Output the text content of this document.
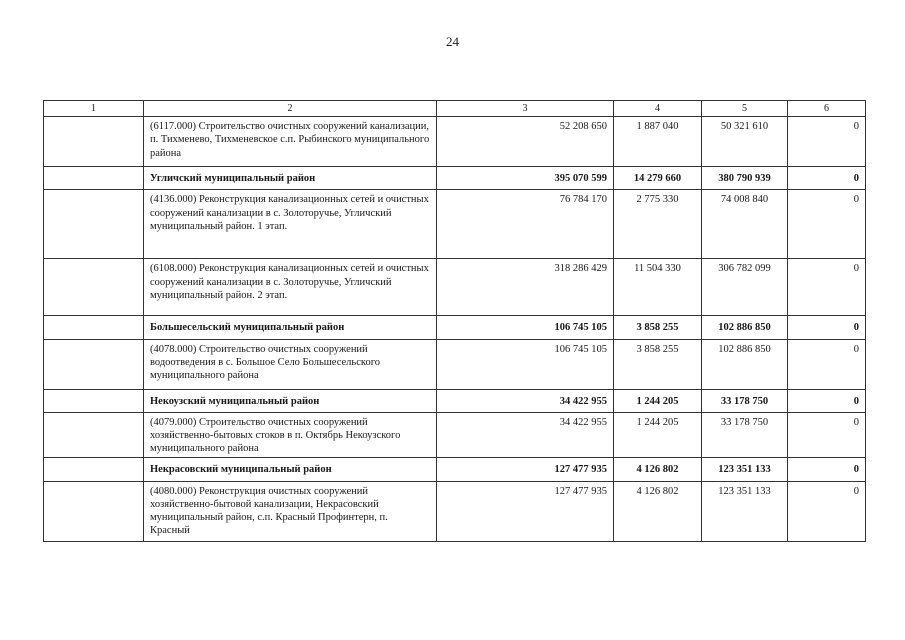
24
1	2	3	4	5	6
	(6117.000) Строительство очистных сооружений канализации, п. Тихменево, Тихменевское с.п. Рыбинского муниципального района	52 208 650	1 887 040	50 321 610	0
	Угличский муниципальный район	395 070 599	14 279 660	380 790 939	0
	(4136.000) Реконструкция канализационных сетей и очистных сооружений канализации в с. Золоторучье, Угличский муниципальный район. 1 этап.	76 784 170	2 775 330	74 008 840	0
	(6108.000) Реконструкция канализационных сетей и очистных сооружений канализации в с. Золоторучье, Угличский муниципальный район. 2 этап.	318 286 429	11 504 330	306 782 099	0
	Большесельский муниципальный район	106 745 105	3 858 255	102 886 850	0
	(4078.000) Строительство очистных сооружений водоотведения в с. Большое Село Большесельского муниципального района	106 745 105	3 858 255	102 886 850	0
	Некоузский муниципальный район	34 422 955	1 244 205	33 178 750	0
	(4079.000) Строительство очистных сооружений хозяйственно-бытовых стоков в п. Октябрь Некоузского муниципального района	34 422 955	1 244 205	33 178 750	0
	Некрасовский муниципальный район	127 477 935	4 126 802	123 351 133	0
	(4080.000) Реконструкция очистных сооружений хозяйственно-бытовой канализации, Некрасовский муниципальный район, с.п. Красный Профинтерн, п. Красный	127 477 935	4 126 802	123 351 133	0
